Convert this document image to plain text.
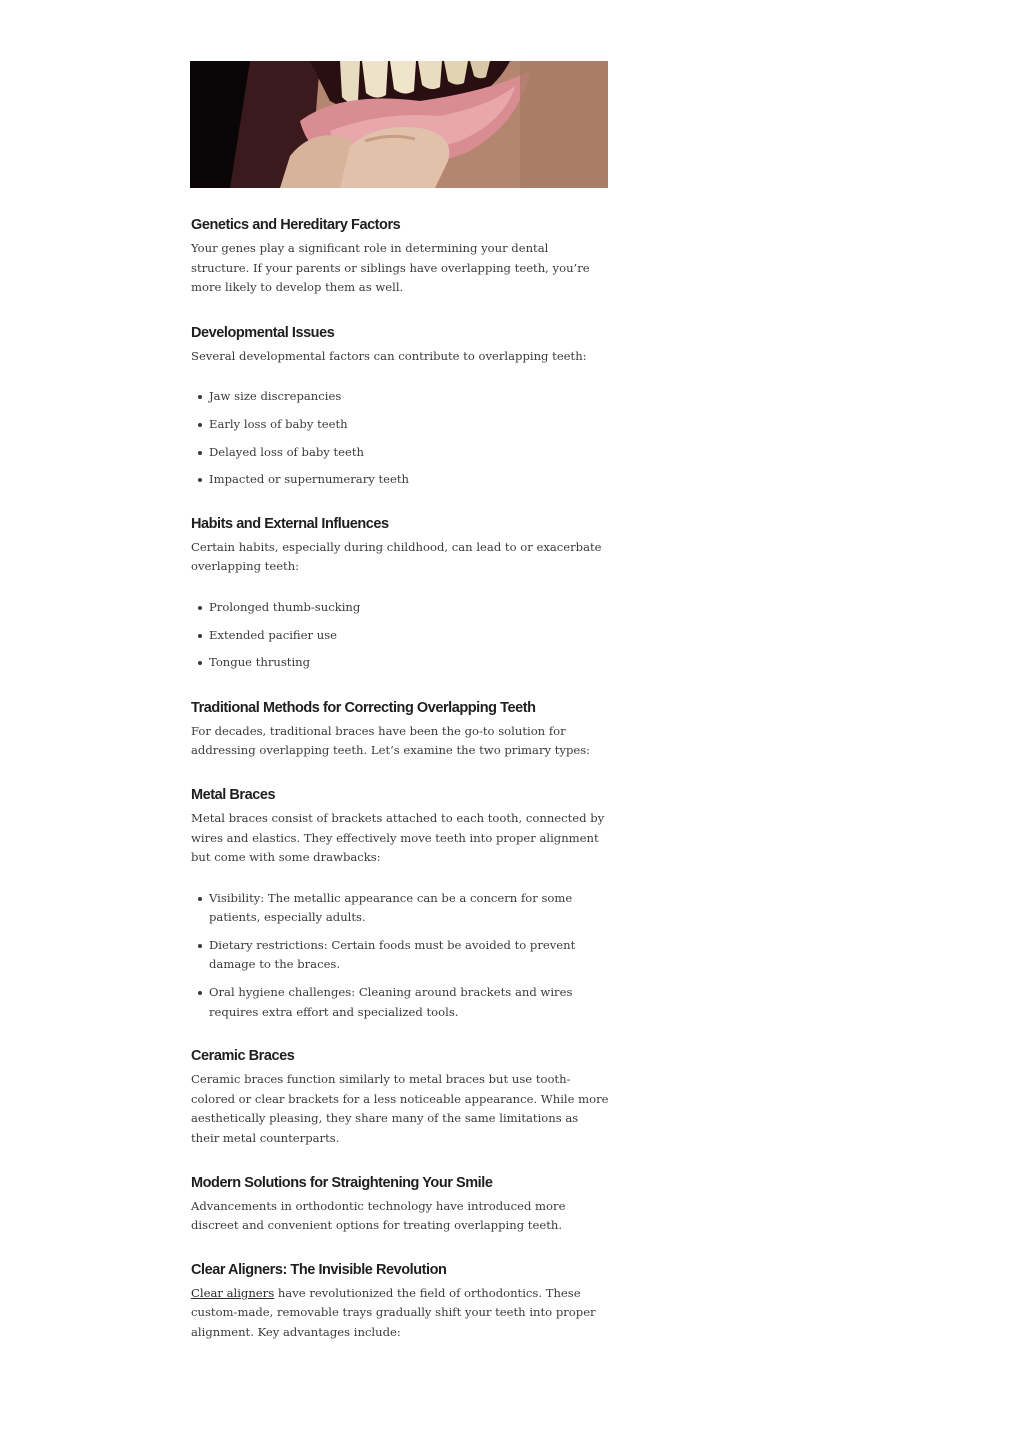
Genetics and Hereditary Factors

Your genes play a significant role in determining your dental structure. If your parents or siblings have overlapping teeth, you’re more likely to develop them as well.

Developmental Issues

Several developmental factors can contribute to overlapping teeth:

Jaw size discrepancies
Early loss of baby teeth
Delayed loss of baby teeth
Impacted or supernumerary teeth
Habits and External Influences

Certain habits, especially during childhood, can lead to or exacerbate overlapping teeth:

Prolonged thumb-sucking
Extended pacifier use
Tongue thrusting
Traditional Methods for Correcting Overlapping Teeth

For decades, traditional braces have been the go-to solution for addressing overlapping teeth. Let’s examine the two primary types:

Metal Braces

Metal braces consist of brackets attached to each tooth, connected by wires and elastics. They effectively move teeth into proper alignment but come with some drawbacks:

Visibility: The metallic appearance can be a concern for some patients, especially adults.
Dietary restrictions: Certain foods must be avoided to prevent damage to the braces.
Oral hygiene challenges: Cleaning around brackets and wires requires extra effort and specialized tools.
Ceramic Braces

Ceramic braces function similarly to metal braces but use tooth-colored or clear brackets for a less noticeable appearance. While more aesthetically pleasing, they share many of the same limitations as their metal counterparts.

Modern Solutions for Straightening Your Smile

Advancements in orthodontic technology have introduced more discreet and convenient options for treating overlapping teeth.

Clear Aligners: The Invisible Revolution

Clear aligners have revolutionized the field of orthodontics. These custom-made, removable trays gradually shift your teeth into proper alignment. Key advantages include:
